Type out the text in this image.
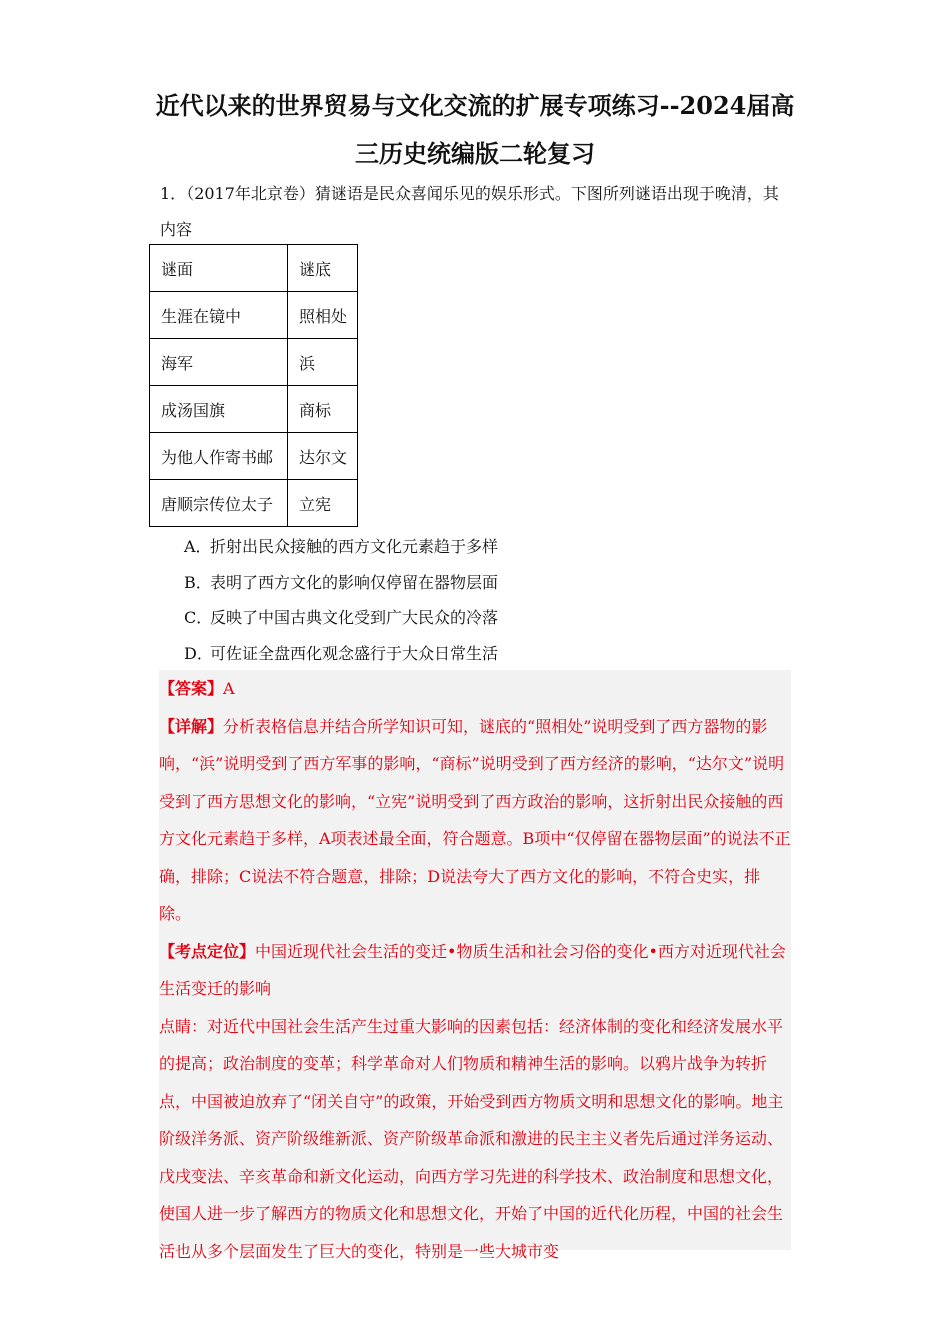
近代以来的世界贸易与文化交流的扩展专项练习--2024届高
三历史统编版二轮复习
1．（2017年北京卷）猜谜语是民众喜闻乐见的娱乐形式。下图所列谜语出现于晚清，其内容
谜面	谜底
生涯在镜中	照相处
海军	浜
成汤国旗	商标
为他人作寄书邮	达尔文
唐顺宗传位太子	立宪
A．折射出民众接触的西方文化元素趋于多样
B．表明了西方文化的影响仅停留在器物层面
C．反映了中国古典文化受到广大民众的冷落
D．可佐证全盘西化观念盛行于大众日常生活

【答案】A

【详解】分析表格信息并结合所学知识可知，谜底的“照相处”说明受到了西方器物的影响，“浜”说明受到了西方军事的影响，“商标”说明受到了西方经济的影响，“达尔文”说明受到了西方思想文化的影响，“立宪”说明受到了西方政治的影响，这折射出民众接触的西方文化元素趋于多样，A项表述最全面，符合题意。B项中“仅停留在器物层面”的说法不正确，排除；C说法不符合题意，排除；D说法夸大了西方文化的影响，不符合史实，排除。

【考点定位】中国近现代社会生活的变迁•物质生活和社会习俗的变化•西方对近现代社会生活变迁的影响

点睛：对近代中国社会生活产生过重大影响的因素包括：经济体制的变化和经济发展水平的提高；政治制度的变革；科学革命对人们物质和精神生活的影响。以鸦片战争为转折点，中国被迫放弃了“闭关自守”的政策，开始受到西方物质文明和思想文化的影响。地主阶级洋务派、资产阶级维新派、资产阶级革命派和激进的民主主义者先后通过洋务运动、戊戌变法、辛亥革命和新文化运动，向西方学习先进的科学技术、政治制度和思想文化，使国人进一步了解西方的物质文化和思想文化，开始了中国的近代化历程，中国的社会生活也从多个层面发生了巨大的变化，特别是一些大城市变
